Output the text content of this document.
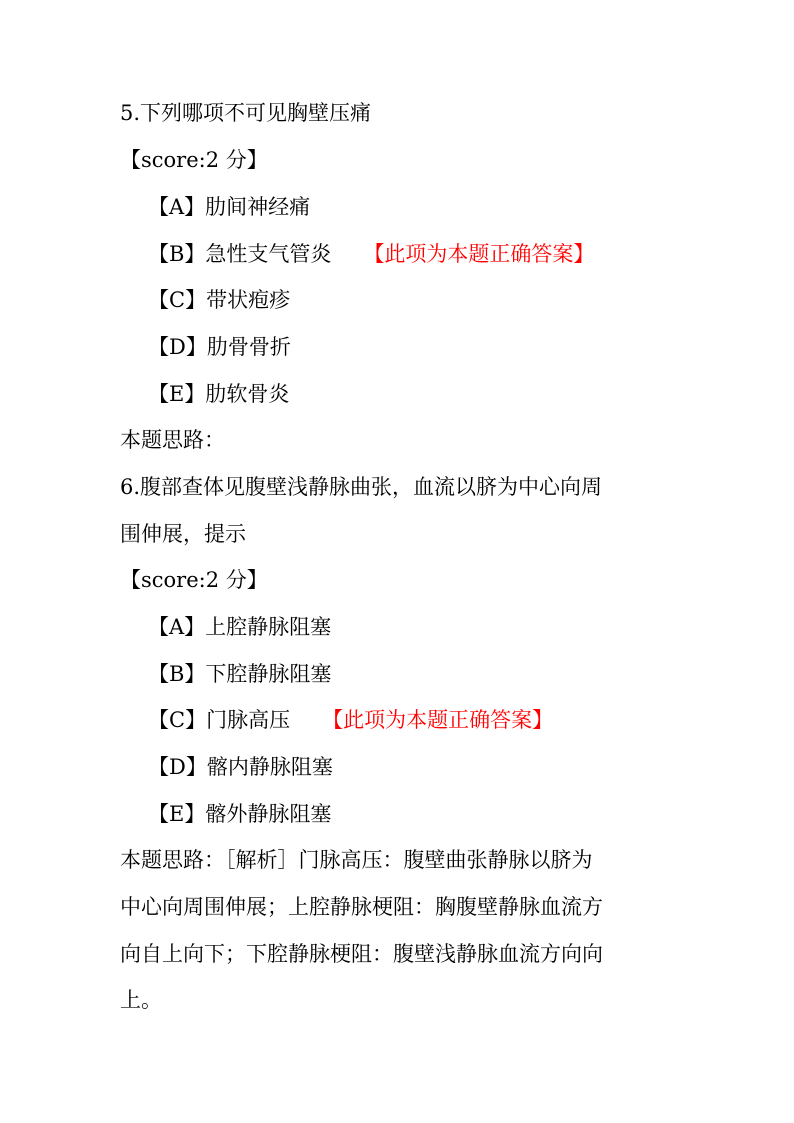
5.下列哪项不可见胸壁压痛
【score:2 分】
【A】肋间神经痛
【B】急性支气管炎 【此项为本题正确答案】
【C】带状疱疹
【D】肋骨骨折
【E】肋软骨炎
本题思路：
6.腹部查体见腹壁浅静脉曲张，血流以脐为中心向周
围伸展，提示
【score:2 分】
【A】上腔静脉阻塞
【B】下腔静脉阻塞
【C】门脉高压 【此项为本题正确答案】
【D】髂内静脉阻塞
【E】髂外静脉阻塞
本题思路：［解析］门脉高压：腹壁曲张静脉以脐为
中心向周围伸展；上腔静脉梗阻：胸腹壁静脉血流方
向自上向下；下腔静脉梗阻：腹壁浅静脉血流方向向
上。
